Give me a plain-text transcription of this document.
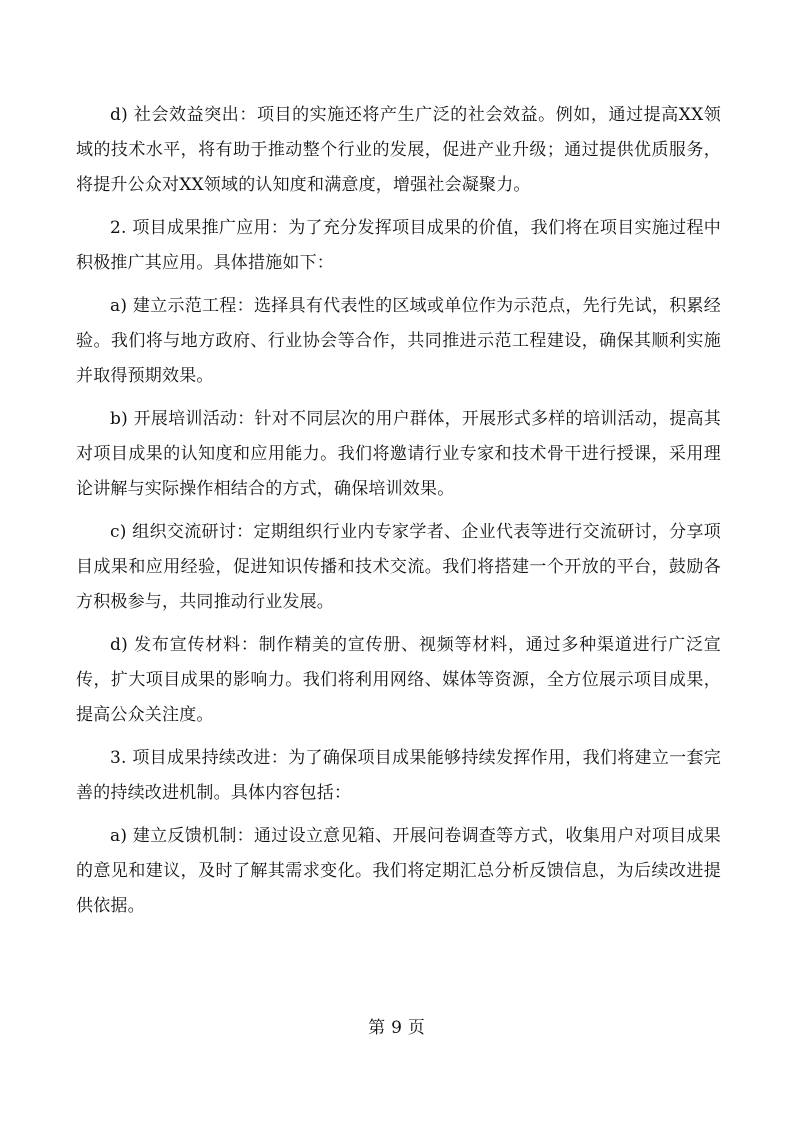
d) 社会效益突出：项目的实施还将产生广泛的社会效益。例如，通过提高XX领域的技术水平，将有助于推动整个行业的发展，促进产业升级；通过提供优质服务，将提升公众对XX领域的认知度和满意度，增强社会凝聚力。

2. 项目成果推广应用：为了充分发挥项目成果的价值，我们将在项目实施过程中积极推广其应用。具体措施如下：

a) 建立示范工程：选择具有代表性的区域或单位作为示范点，先行先试，积累经验。我们将与地方政府、行业协会等合作，共同推进示范工程建设，确保其顺利实施并取得预期效果。

b) 开展培训活动：针对不同层次的用户群体，开展形式多样的培训活动，提高其对项目成果的认知度和应用能力。我们将邀请行业专家和技术骨干进行授课，采用理论讲解与实际操作相结合的方式，确保培训效果。

c) 组织交流研讨：定期组织行业内专家学者、企业代表等进行交流研讨，分享项目成果和应用经验，促进知识传播和技术交流。我们将搭建一个开放的平台，鼓励各方积极参与，共同推动行业发展。

d) 发布宣传材料：制作精美的宣传册、视频等材料，通过多种渠道进行广泛宣传，扩大项目成果的影响力。我们将利用网络、媒体等资源，全方位展示项目成果，提高公众关注度。

3. 项目成果持续改进：为了确保项目成果能够持续发挥作用，我们将建立一套完善的持续改进机制。具体内容包括：

a) 建立反馈机制：通过设立意见箱、开展问卷调查等方式，收集用户对项目成果的意见和建议，及时了解其需求变化。我们将定期汇总分析反馈信息，为后续改进提供依据。

第 9 页
